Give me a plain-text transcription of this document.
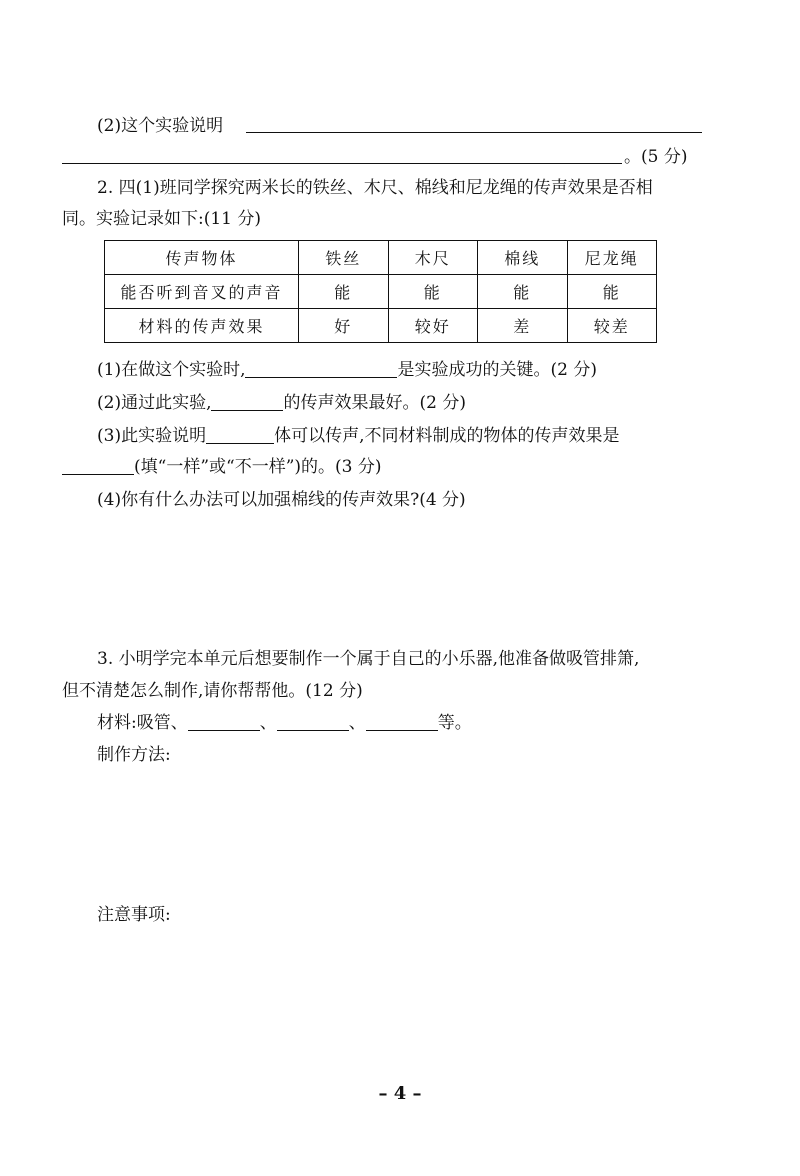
(2)这个实验说明
。(5 分)
2. 四(1)班同学探究两米长的铁丝、木尺、棉线和尼龙绳的传声效果是否相
同。实验记录如下:(11 分)
传声物体	铁丝	木尺	棉线	尼龙绳
能否听到音叉的声音	能	能	能	能
材料的传声效果	好	较好	差	较差
(1)在做这个实验时,	是实验成功的关键。(2 分)
(2)通过此实验,	的传声效果最好。(2 分)
(3)此实验说明	体可以传声,不同材料制成的物体的传声效果是
(填“一样”或“不一样”)的。(3 分)
(4)你有什么办法可以加强棉线的传声效果?(4 分)
3. 小明学完本单元后想要制作一个属于自己的小乐器,他准备做吸管排箫,
但不清楚怎么制作,请你帮帮他。(12 分)
材料:吸管、	、	、	等。
制作方法:
注意事项:
– 4 –
